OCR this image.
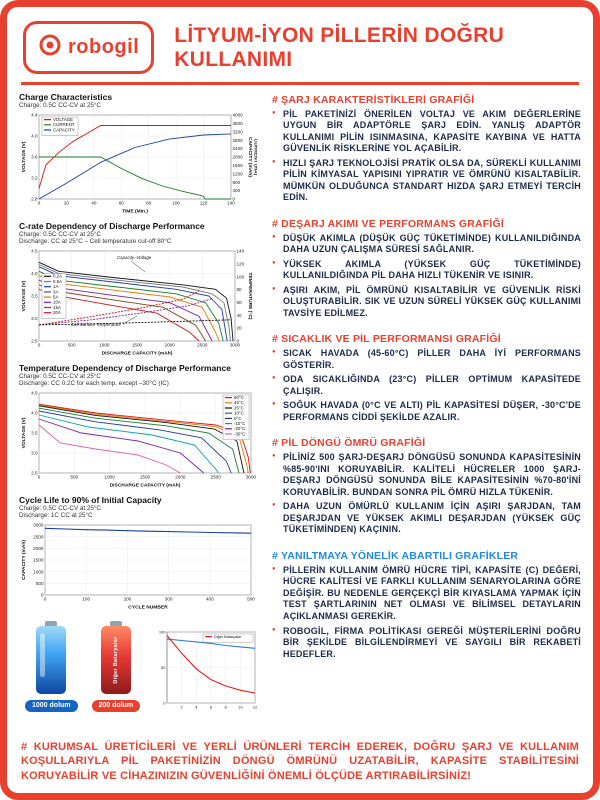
robogil
LİTYUM-İYON PİLLERİN DOĞRU KULLANIMI
Charge Characteristics

Charge: 0.5C CC-CV at 25°C

0	20	40	60	80	100	120	140
2.8
3.2
3.6
4.0
4.4
0
400
800
1200
1600
2000
2400
2800
3200
3600
4000
TIME (Min.)
VOLTAGE (V)	CAPACITY (mAh) CURRENT (mA)
VOLTAGE
CURRENT
CAPACITY
C-rate Dependency of Discharge Performance

Charge: 0.5C CC-CV at 25°C

Discharge: CC at 25°C – Cell temperature cut-off 80°C

0	500	1000	1500	2000	2500	3000
2.5
3.0
3.5
4.0
4.5
0
20
40
60
80
100
120
140
DISCHARGE CAPACITY (mAh)
VOLTAGE (V)	TEMPERATURE (°C)
0.2A
0.5A
1A
3A
5A
10A
15A
20A
Capacity–Voltage
Cell Surface Temperature
Temperature Dependency of Discharge Performance

Charge: 0.5C CC-CV at 25°C

Discharge: CC 0.2C for each temp. except –30°C (IC)

0	500	1000	1500	2000	2500	3000
2.5
3.0
3.5
4.0
4.5
DISCHARGE CAPACITY (mAh)
VOLTAGE (V)
60°C
45°C
25°C
10°C
0°C
-10°C
-20°C
-30°C
Cycle Life to 90% of Initial Capacity

Charge: 0.5C CC-CV at 25°C

Discharge: 1C CC at 25°C

0	100	200	300	400	500
0
500
1000
1500
2000
2500
3000
CYCLE NUMBER
CAPACITY (mAh)
1000 dolum
Diğer Bataryalar
200 dolum	2	4	6	8	10	12
0
50
100
Diğer Bataryalar
# ŞARJ KARAKTERİSTİKLERİ GRAFİĞİ
● PİL PAKETİNİZİ ÖNERİLEN VOLTAJ VE AKIM DEĞERLERİNE UYGUN BİR ADAPTÖRLE ŞARJ EDİN. YANLIŞ ADAPTÖR KULLANIMI PİLİN ISINMASINA, KAPASİTE KAYBINA VE HATTA GÜVENLİK RİSKLERİNE YOL AÇABİLİR.
● HIZLI ŞARJ TEKNOLOJİSİ PRATİK OLSA DA, SÜREKLİ KULLANIMI PİLİN KİMYASAL YAPISINI YIPRATIR VE ÖMRÜNÜ KISALTABİLİR. MÜMKÜN OLDUĞUNCA STANDART HIZDA ŞARJ ETMEYİ TERCİH EDİN.
# DEŞARJ AKIMI VE PERFORMANS GRAFİĞİ
● DÜŞÜK AKIMLA (DÜŞÜK GÜÇ TÜKETİMİNDE) KULLANILDIĞINDA DAHA UZUN ÇALIŞMA SÜRESİ SAĞLANIR.
● YÜKSEK AKIMLA (YÜKSEK GÜÇ TÜKETİMİNDE) KULLANILDIĞINDA PİL DAHA HIZLI TÜKENİR VE ISINIR.
● AŞIRI AKIM, PİL ÖMRÜNÜ KISALTABİLİR VE GÜVENLİK RİSKİ OLUŞTURABİLİR. SIK VE UZUN SÜRELİ YÜKSEK GÜÇ KULLANIMI TAVSİYE EDİLMEZ.
# SICAKLIK VE PİL PERFORMANSI GRAFİĞİ
● SICAK HAVADA (45-60°C) PİLLER DAHA İYİ PERFORMANS GÖSTERİR.
● ODA SICAKLIĞINDA (23°C) PİLLER OPTİMUM KAPASİTEDE ÇALIŞIR.
● SOĞUK HAVADA (0°C VE ALTI) PİL KAPASİTESİ DÜŞER, -30°C'DE PERFORMANS CİDDİ ŞEKİLDE AZALIR.
# PİL DÖNGÜ ÖMRÜ GRAFİĞİ
● PİLİNİZ 500 ŞARJ-DEŞARJ DÖNGÜSÜ SONUNDA KAPASİTESİNİN %85-90'INI KORUYABİLİR. KALİTELİ HÜCRELER 1000 ŞARJ-DEŞARJ DÖNGÜSÜ SONUNDA BİLE KAPASİTESİNİN %70-80'İNİ KORUYABİLİR. BUNDAN SONRA PİL ÖMRÜ HIZLA TÜKENİR.
● DAHA UZUN ÖMÜRLÜ KULLANIM İÇİN AŞIRI ŞARJDAN, TAM DEŞARJDAN VE YÜKSEK AKIMLI DEŞARJDAN (YÜKSEK GÜÇ TÜKETİMİNDEN) KAÇININ.
# YANILTMAYA YÖNELİK ABARTILI GRAFİKLER
● PİLLERİN KULLANIM ÖMRÜ HÜCRE TİPİ, KAPASİTE (C) DEĞERİ, HÜCRE KALİTESİ VE FARKLI KULLANIM SENARYOLARINA GÖRE DEĞİŞİR. BU NEDENLE GERÇEKÇİ BİR KIYASLAMA YAPMAK İÇİN TEST ŞARTLARININ NET OLMASI VE BİLİMSEL DETAYLARIN AÇIKLANMASI GEREKİR.
● ROBOGİL, FİRMA POLİTİKASI GEREĞİ MÜŞTERİLERİNİ DOĞRU BİR ŞEKİLDE BİLGİLENDİRMEYİ VE SAYGILI BİR REKABETİ HEDEFLER.

# KURUMSAL ÜRETİCİLERİ VE YERLİ ÜRÜNLERİ TERCİH EDEREK, DOĞRU ŞARJ VE KULLANIM KOŞULLARIYLA PİL PAKETİNİZİN DÖNGÜ ÖMRÜNÜ UZATABİLİR, KAPASİTE STABİLİTESİNİ KORUYABİLİR VE CİHAZINIZIN GÜVENLİĞİNİ ÖNEMLİ ÖLÇÜDE ARTIRABİLİRSİNİZ!
